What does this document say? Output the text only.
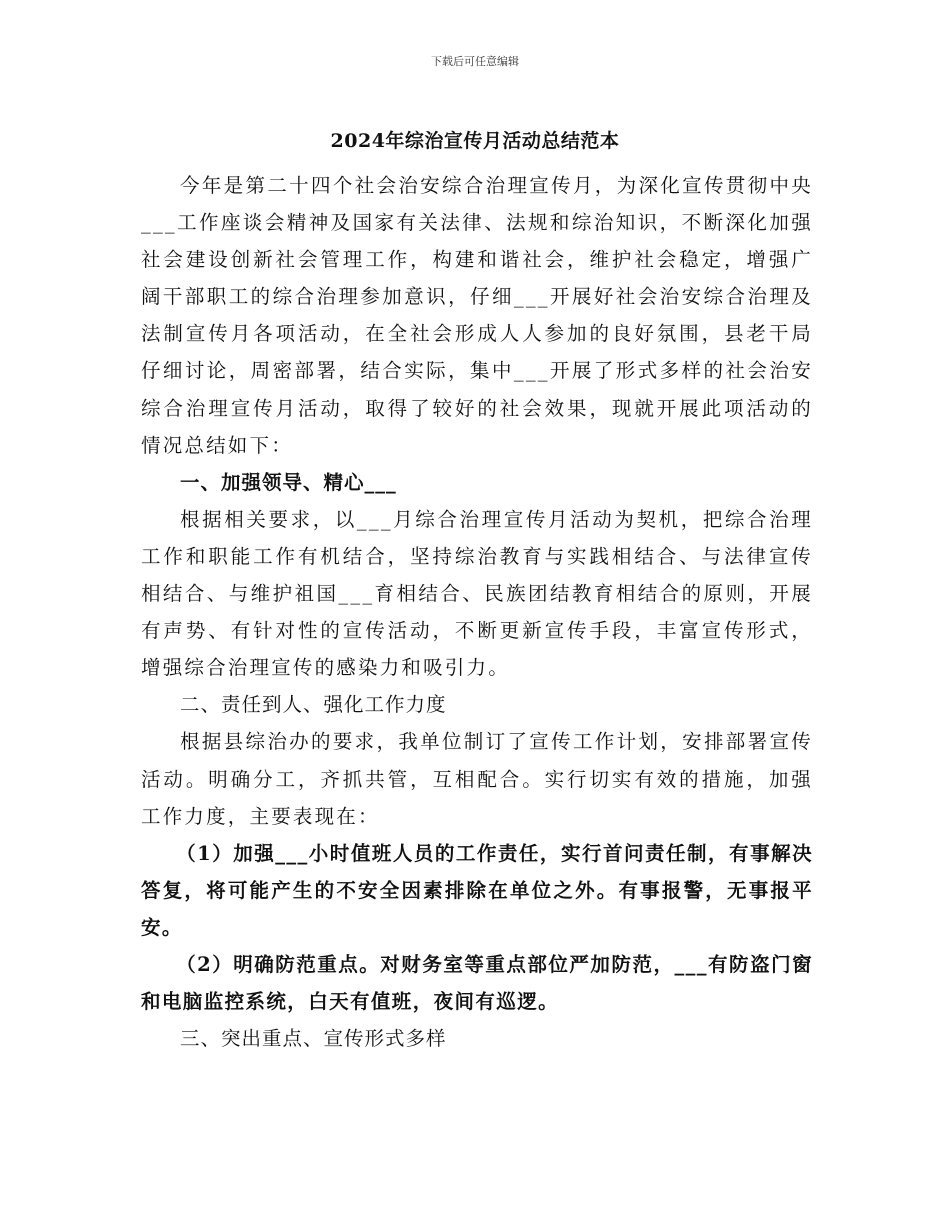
下载后可任意编辑
2024年综治宣传月活动总结范本

今年是第二十四个社会治安综合治理宣传月，为深化宣传贯彻中央___工作座谈会精神及国家有关法律、法规和综治知识，不断深化加强社会建设创新社会管理工作，构建和谐社会，维护社会稳定，增强广阔干部职工的综合治理参加意识，仔细___开展好社会治安综合治理及法制宣传月各项活动，在全社会形成人人参加的良好氛围，县老干局仔细讨论，周密部署，结合实际，集中___开展了形式多样的社会治安综合治理宣传月活动，取得了较好的社会效果，现就开展此项活动的情况总结如下：

一、加强领导、精心___

根据相关要求，以___月综合治理宣传月活动为契机，把综合治理工作和职能工作有机结合，坚持综治教育与实践相结合、与法律宣传相结合、与维护祖国___育相结合、民族团结教育相结合的原则，开展有声势、有针对性的宣传活动，不断更新宣传手段，丰富宣传形式，增强综合治理宣传的感染力和吸引力。

二、责任到人、强化工作力度

根据县综治办的要求，我单位制订了宣传工作计划，安排部署宣传活动。明确分工，齐抓共管，互相配合。实行切实有效的措施，加强工作力度，主要表现在：

（1）加强___小时值班人员的工作责任，实行首问责任制，有事解决答复，将可能产生的不安全因素排除在单位之外。有事报警，无事报平安。

（2）明确防范重点。对财务室等重点部位严加防范，___有防盗门窗和电脑监控系统，白天有值班，夜间有巡逻。

三、突出重点、宣传形式多样
